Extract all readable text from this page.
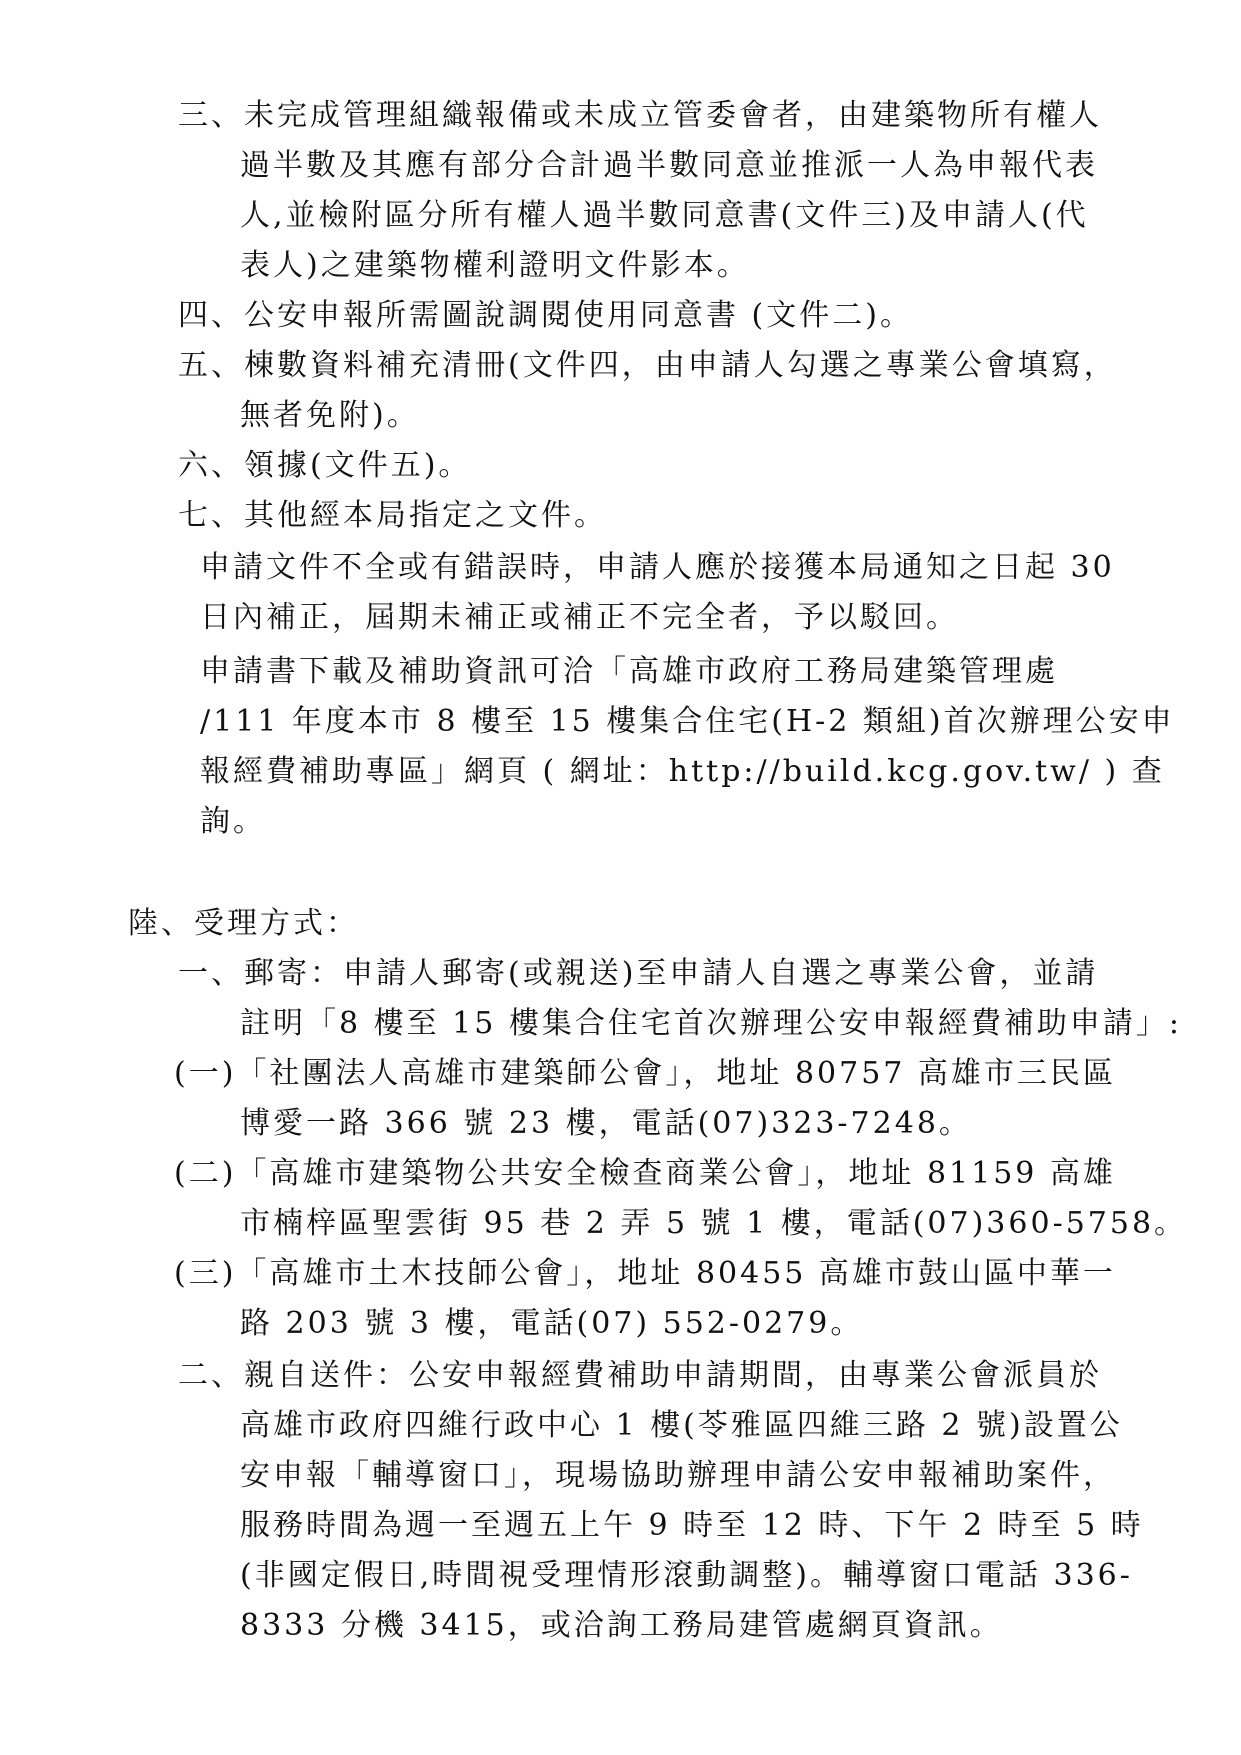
三、未完成管理組織報備或未成立管委會者，由建築物所有權人
過半數及其應有部分合計過半數同意並推派一人為申報代表
人,並檢附區分所有權人過半數同意書(文件三)及申請人(代
表人)之建築物權利證明文件影本。
四、公安申報所需圖說調閱使用同意書 (文件二)。
五、棟數資料補充清冊(文件四，由申請人勾選之專業公會填寫，
無者免附)。
六、領據(文件五)。
七、其他經本局指定之文件。
申請文件不全或有錯誤時，申請人應於接獲本局通知之日起 30
日內補正，屆期未補正或補正不完全者，予以駁回。
申請書下載及補助資訊可洽「高雄市政府工務局建築管理處
/111 年度本市 8 樓至 15 樓集合住宅(H-2 類組)首次辦理公安申
報經費補助專區」網頁 ( 網址：http://build.kcg.gov.tw/ ) 查
詢。
陸、受理方式：
一、郵寄：申請人郵寄(或親送)至申請人自選之專業公會，並請
註明「8 樓至 15 樓集合住宅首次辦理公安申報經費補助申請」:
(一)「社團法人高雄市建築師公會」，地址 80757 高雄市三民區
博愛一路 366 號 23 樓，電話(07)323-7248。
(二)「高雄市建築物公共安全檢查商業公會」，地址 81159 高雄
市楠梓區聖雲街 95 巷 2 弄 5 號 1 樓，電話(07)360-5758。
(三)「高雄市土木技師公會」，地址 80455 高雄市鼓山區中華一
路 203 號 3 樓，電話(07) 552-0279。
二、親自送件：公安申報經費補助申請期間，由專業公會派員於
高雄市政府四維行政中心 1 樓(苓雅區四維三路 2 號)設置公
安申報「輔導窗口」，現場協助辦理申請公安申報補助案件，
服務時間為週一至週五上午 9 時至 12 時、下午 2 時至 5 時
(非國定假日,時間視受理情形滾動調整)。輔導窗口電話 336-
8333 分機 3415，或洽詢工務局建管處網頁資訊。
